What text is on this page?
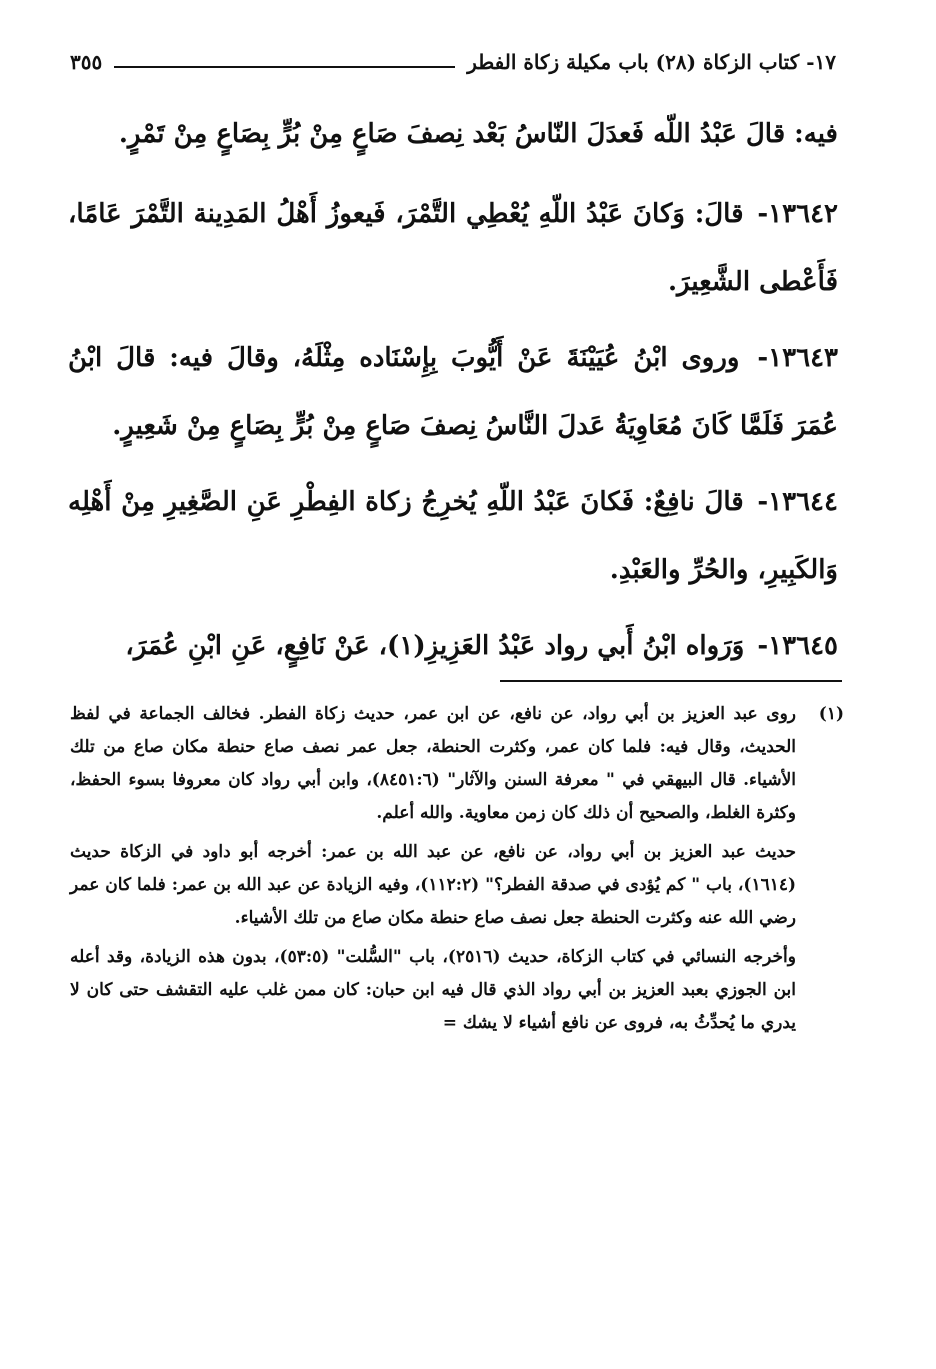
١٧- كتاب الزكاة (٢٨) باب مكيلة زكاة الفطر
٣٥٥

فيه: قالَ عَبْدُ اللّه فَعدَلَ النّاسُ بَعْد نِصفَ صَاعٍ مِنْ بُرٍّ بِصَاعٍ مِنْ تَمْرٍ.

١٣٦٤٢- قالَ: وَكانَ عَبْدُ اللّهِ يُعْطِي التَّمْرَ، فَيعوزُ أَهْلُ المَدِينة التَّمْرَ عَامًا، فَأَعْطى الشَّعِيرَ.

١٣٦٤٣- وروى ابْنُ عُيَيْنَةَ عَنْ أَيُّوبَ بِإِسْنَاده مِثْلَهُ، وقالَ فيه: قالَ ابْنُ عُمَرَ فَلَمَّا كَانَ مُعَاوِيَةُ عَدلَ النَّاسُ نِصفَ صَاعٍ مِنْ بُرٍّ بِصَاعٍ مِنْ شَعِيرٍ.

١٣٦٤٤- قالَ نافِعٌ: فَكانَ عَبْدُ اللّهِ يُخرِجُ زكاة الفِطْرِ عَنِ الصَّغِيرِ مِنْ أَهْلِه وَالكَبِيرِ، والحُرِّ والعَبْدِ.

١٣٦٤٥- وَرَواه ابْنُ أَبي رواد عَبْدُ العَزِيزِ(١)، عَنْ نَافِعٍ، عَنِ ابْنِ عُمَرَ،

(١)
روى عبد العزيز بن أبي رواد، عن نافع، عن ابن عمر، حديث زكاة الفطر. فخالف الجماعة في لفظ الحديث، وقال فيه: فلما كان عمر، وكثرت الحنطة، جعل عمر نصف صاع حنطة مكان صاع من تلك الأشياء. قال البيهقي في " معرفة السنن والآثار" (٨٤٥١:٦)، وابن أبي رواد كان معروفا بسوء الحفظ، وكثرة الغلط، والصحيح أن ذلك كان زمن معاوية. والله أعلم.

حديث عبد العزيز بن أبي رواد، عن نافع، عن عبد الله بن عمر: أخرجه أبو داود في الزكاة حديث (١٦١٤)، باب " كم يُؤدى في صدقة الفطر؟" (١١٢:٢)، وفيه الزيادة عن عبد الله بن عمر: فلما كان عمر رضي الله عنه وكثرت الحنطة جعل نصف صاع حنطة مكان صاع من تلك الأشياء.

وأخرجه النسائي في كتاب الزكاة، حديث (٢٥١٦)، باب "السُّلت" (٥٣:٥)، بدون هذه الزيادة، وقد أعله ابن الجوزي بعبد العزيز بن أبي رواد الذي قال فيه ابن حبان: كان ممن غلب عليه التقشف حتى كان لا يدري ما يُحدِّثُ به، فروى عن نافع أشياء لا يشك =
